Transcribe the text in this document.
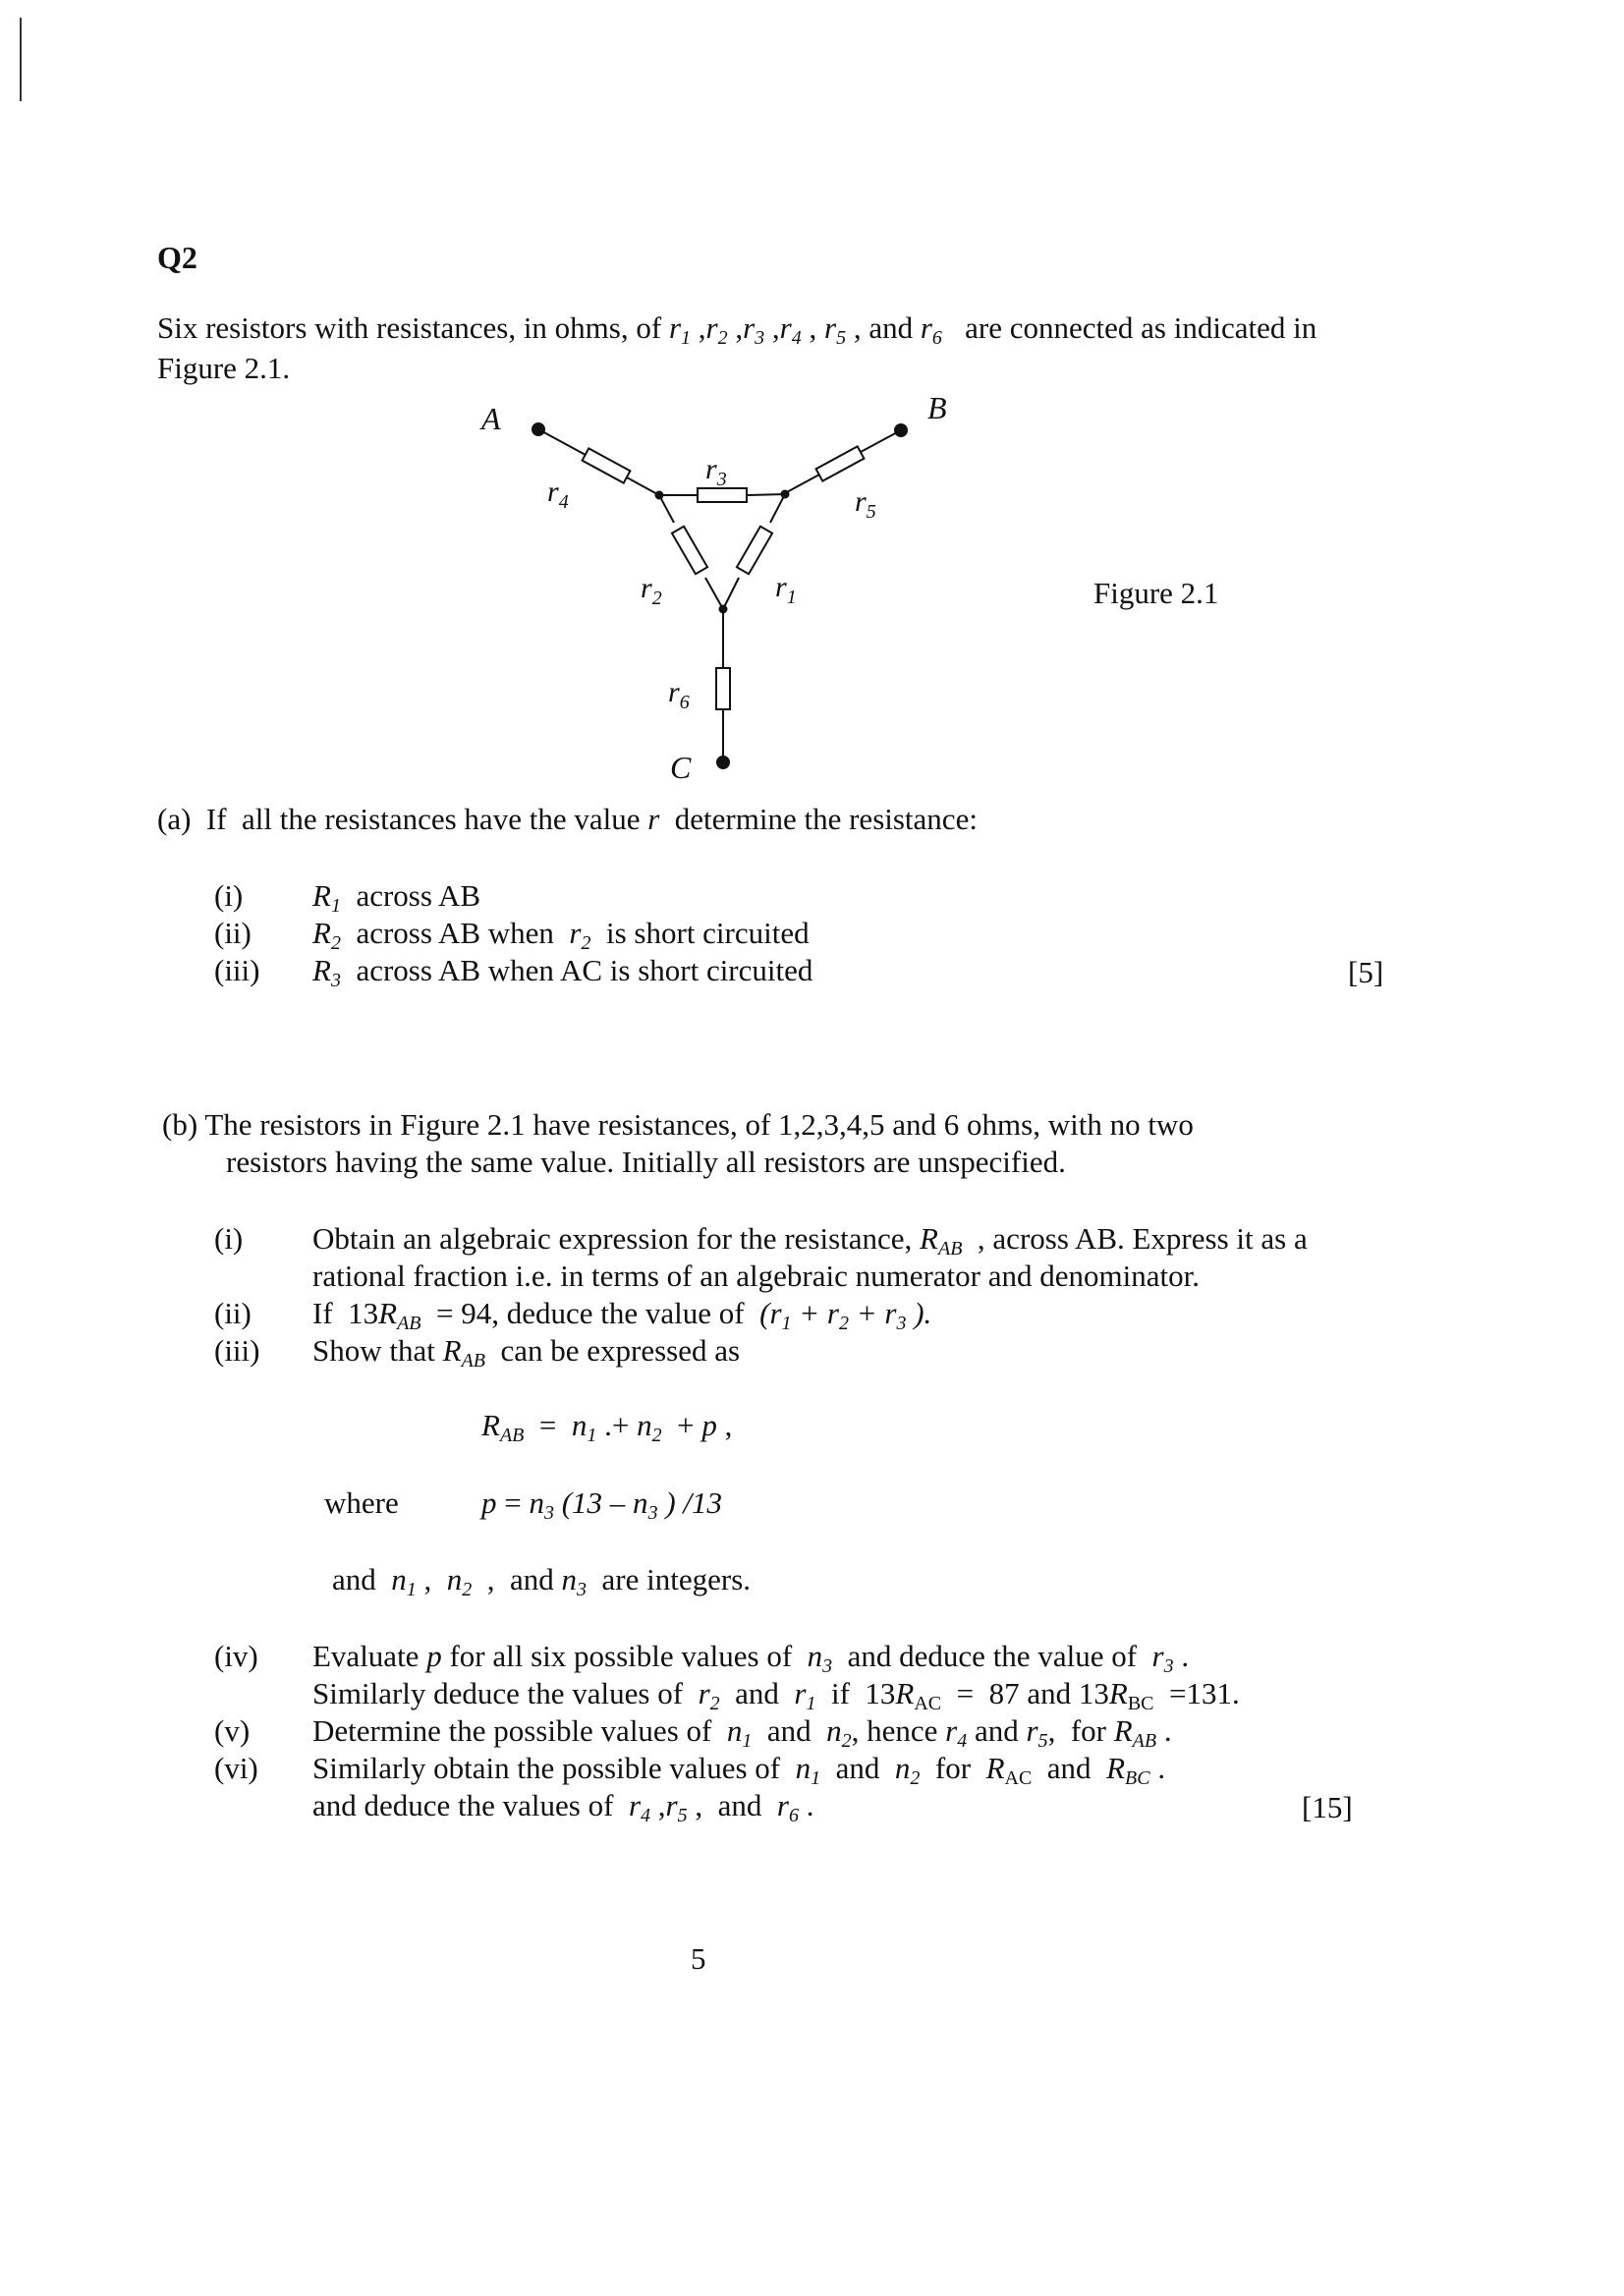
Q2
Six resistors with resistances, in ohms, of $r_1$ $,r_2$ $,r_3$ $,r_4$ , $r_5$ , and $r_6$ are connected as indicated in
Figure 2.1.
A	B
C
$r_3$
$r_4$	$r_5$
$r_2$	$r_1$
$r_6$
Figure 2.1
(a)  If  all the resistances have the value r  determine the resistance:
(i) $R_1$  across AB
(ii) $R_2$  across AB when  $r_2$  is short circuited
(iii) $R_3$  across AB when AC is short circuited	[5]
(b) The resistors in Figure 2.1 have resistances, of 1,2,3,4,5 and 6 ohms, with no two
resistors having the same value. Initially all resistors are unspecified.
(i) Obtain an algebraic expression for the resistance, $R_{AB}$  , across AB. Express it as a
rational fraction i.e. in terms of an algebraic numerator and denominator.
(ii) If  $13R_{AB} = 94$, deduce the value of  ($r_1 + r_2 + r_3$ ).
(iii) Show that $R_{AB}$  can be expressed as
$R_{AB} = n_1$ .+ $n_2 + p$ ,
where	$p = n_3$ ($13 - n_3$ ) /13
and  $n_1$ ,  $n_2$  ,  and $n_3$  are integers.
(iv) Evaluate p for all six possible values of  $n_3$  and deduce the value of  $r_3$ .
Similarly deduce the values of  $r_2$  and  $r_1$  if  $13R_{AC} = 87$ and $13R_{BC} =131$.
(v) Determine the possible values of  $n_1$  and  $n_2$, hence $r_4$ and $r_5$,  for $R_{AB}$ .
(vi) Similarly obtain the possible values of  $n_1$  and  $n_2$  for  $R_{AC}$  and  $R_{BC}$ .
and deduce the values of  $r_4$ $,r_5$ ,  and  $r_6$ .	[15]
5
